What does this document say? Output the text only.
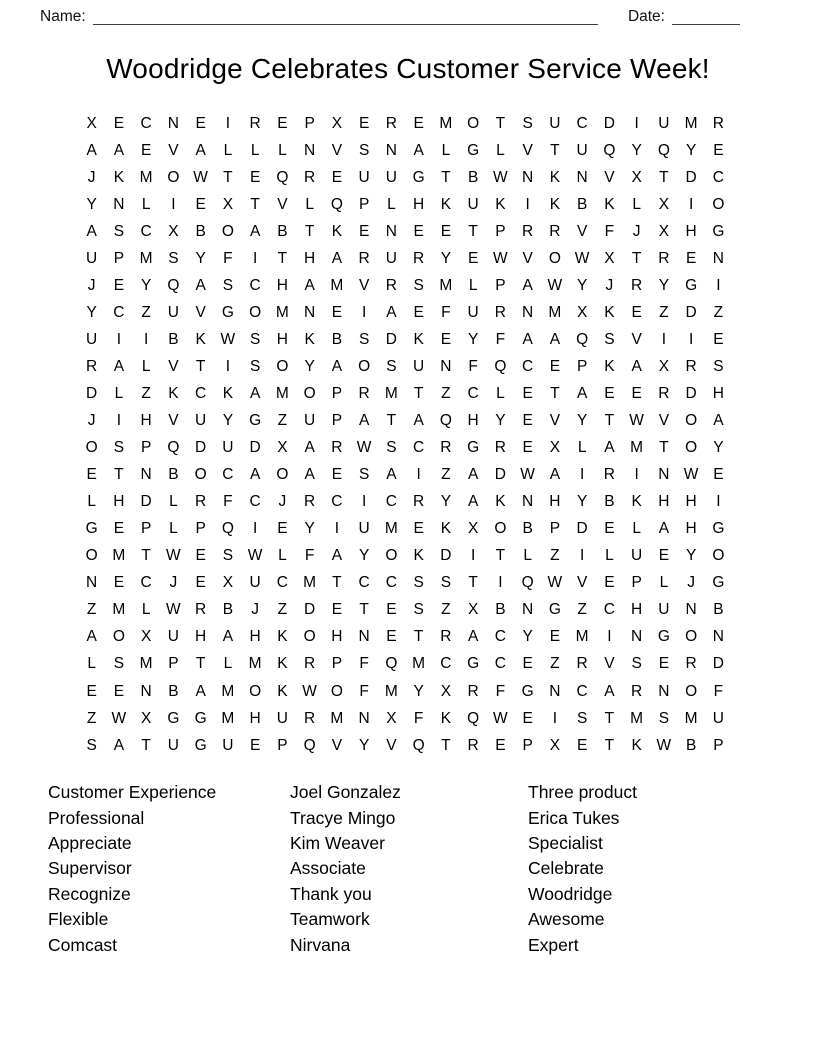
Name:	Date:
Woodridge Celebrates Customer Service Week!
X	E	C	N	E	I	R	E	P	X	E	R	E	M O	T	S	U	C	D	I	U M R
A	A	E	V	A	L	L	L	N	V	S	N	A	L	G	L	V	T	U	Q	Y	Q	Y	E
J	K	M O W T	E	Q	R	E	U	U	G	T	B W N	K	N	V	X	T	D	C
Y	N	L	I	E	X	T	V	L	Q	P	L	H	K	U	K	I	K	B	K	L	X	I	O
A	S	C	X	B	O	A	B	T	K	E	N	E	E	T	P	R	R	V	F	J	X	H	G
U	P	M	S	Y	F	I	T	H	A	R	U	R	Y	E W V	O W X	T	R	E	N
J	E	Y	Q	A	S	C	H	A	M	V	R	S	M	L	P	A W Y	J	R	Y	G	I
Y	C	Z	U	V	G O M N	E	I	A	E	F	U	R	N M	X	K	E	Z	D	Z
U	I	I	B	K W S	H	K	B	S	D	K	E	Y	F	A	A	Q	S	V	I	I	E
R	A	L	V	T	I	S	O	Y	A	O	S	U	N	F	Q	C	E	P	K	A	X	R	S
D	L	Z	K	C	K	A	M O	P	R M	T	Z	C	L	E	T	A	E	E	R	D	H
J	I	H	V	U	Y	G	Z	U	P	A	T	A	Q	H	Y	E	V	Y	T W V	O	A
O	S	P	Q	D	U	D	X	A	R W S	C	R	G	R	E	X	L	A	M	T	O	Y
E	T	N	B	O	C	A	O	A	E	S	A	I	Z	A	D W A	I	R	I	N W E
L	H	D	L	R	F	C	J	R	C	I	C	R	Y	A	K	N	H	Y	B	K	H	H	I
G	E	P	L	P	Q	I	E	Y	I	U M	E	K	X	O	B	P	D	E	L	A	H	G
O M	T W E	S W	L	F	A	Y	O	K	D	I	T	L	Z	I	L	U	E	Y	O
N	E	C	J	E	X	U	C M	T	C	C	S	S	T	I	Q W V	E	P	L	J	G
Z	M	L	W R	B	J	Z	D	E	T	E	S	Z	X	B	N	G	Z	C	H	U	N	B
A	O	X	U	H	A	H	K	O	H	N	E	T	R	A	C	Y	E	M	I	N	G O	N
L	S	M	P	T	L	M	K	R	P	F	Q M C	G	C	E	Z	R	V	S	E	R	D
E	E	N	B	A	M O	K W O	F	M	Y	X	R	F	G	N	C	A	R	N	O	F
Z W X	G G M H	U	R M N	X	F	K	Q W E	I	S	T	M	S	M U
S	A	T	U	G	U	E	P	Q	V	Y	V	Q	T	R	E	P	X	E	T	K W B	P
Customer Experience
Professional
Appreciate
Supervisor
Recognize
Flexible
Comcast
Joel Gonzalez
Tracye Mingo
Kim Weaver
Associate
Thank you
Teamwork
Nirvana
Three product
Erica Tukes
Specialist
Celebrate
Woodridge
Awesome
Expert
